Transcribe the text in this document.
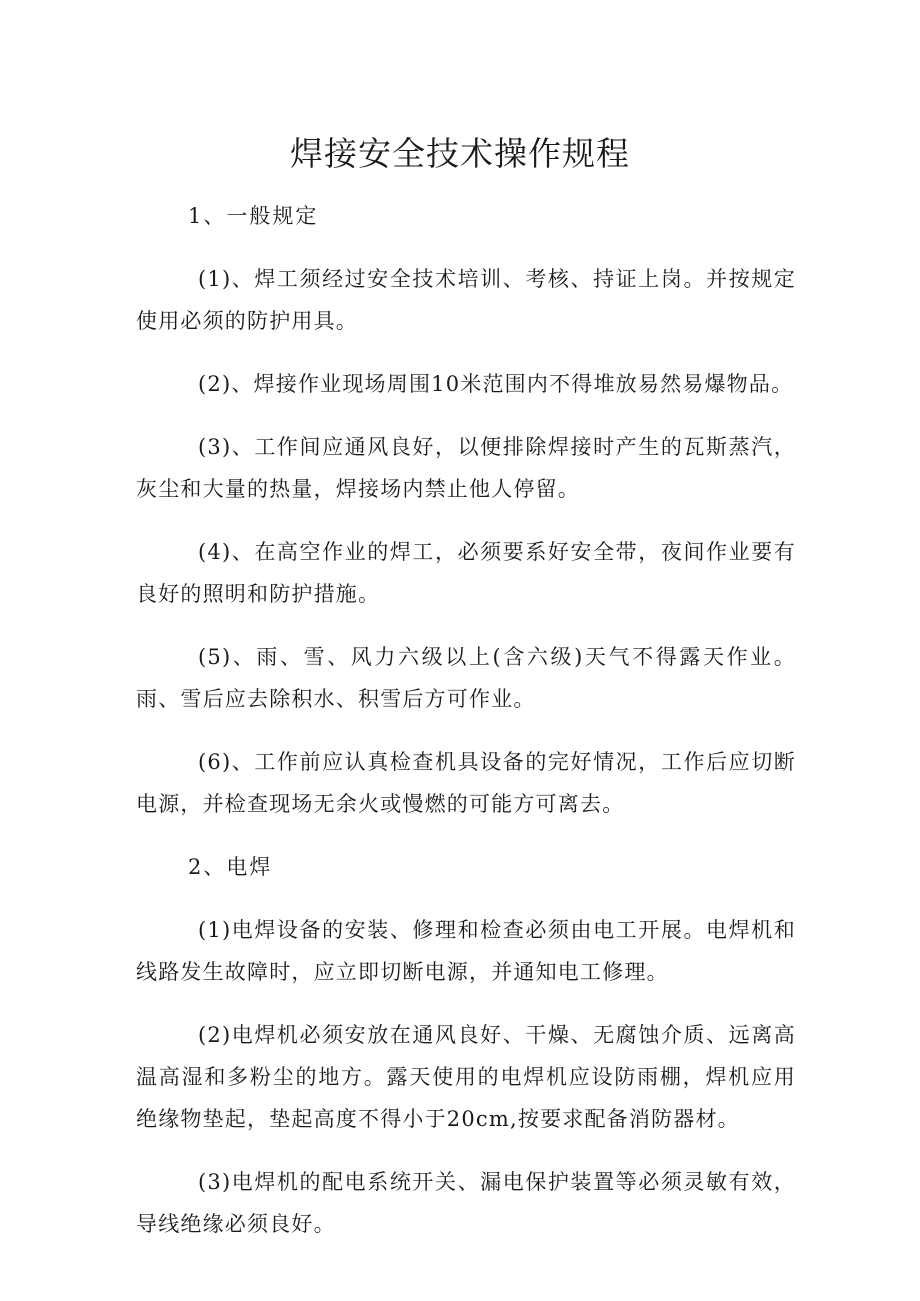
焊接安全技术操作规程

1、一般规定

(1)、焊工须经过安全技术培训、考核、持证上岗。并按规定使用必须的防护用具。

(2)、焊接作业现场周围10米范围内不得堆放易然易爆物品。

(3)、工作间应通风良好，以便排除焊接时产生的瓦斯蒸汽，灰尘和大量的热量，焊接场内禁止他人停留。

(4)、在高空作业的焊工，必须要系好安全带，夜间作业要有良好的照明和防护措施。

(5)、雨、雪、风力六级以上(含六级)天气不得露天作业。雨、雪后应去除积水、积雪后方可作业。

(6)、工作前应认真检查机具设备的完好情况，工作后应切断电源，并检查现场无余火或慢燃的可能方可离去。

2、电焊

(1)电焊设备的安装、修理和检查必须由电工开展。电焊机和线路发生故障时，应立即切断电源，并通知电工修理。

(2)电焊机必须安放在通风良好、干燥、无腐蚀介质、远离高温高湿和多粉尘的地方。露天使用的电焊机应设防雨棚，焊机应用绝缘物垫起，垫起高度不得小于20cm,按要求配备消防器材。

(3)电焊机的配电系统开关、漏电保护装置等必须灵敏有效，导线绝缘必须良好。
